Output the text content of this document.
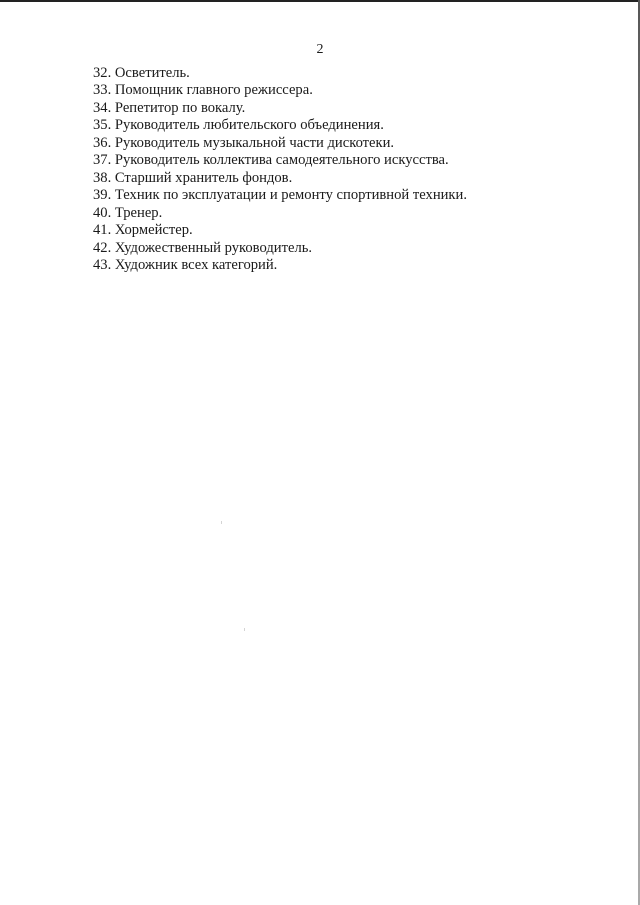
2
32. Осветитель.
33. Помощник главного режиссера.
34. Репетитор по вокалу.
35. Руководитель любительского объединения.
36. Руководитель музыкальной части дискотеки.
37. Руководитель коллектива самодеятельного искусства.
38. Старший хранитель фондов.
39. Техник по эксплуатации и ремонту спортивной техники.
40. Тренер.
41. Хормейстер.
42. Художественный руководитель.
43. Художник всех категорий.
